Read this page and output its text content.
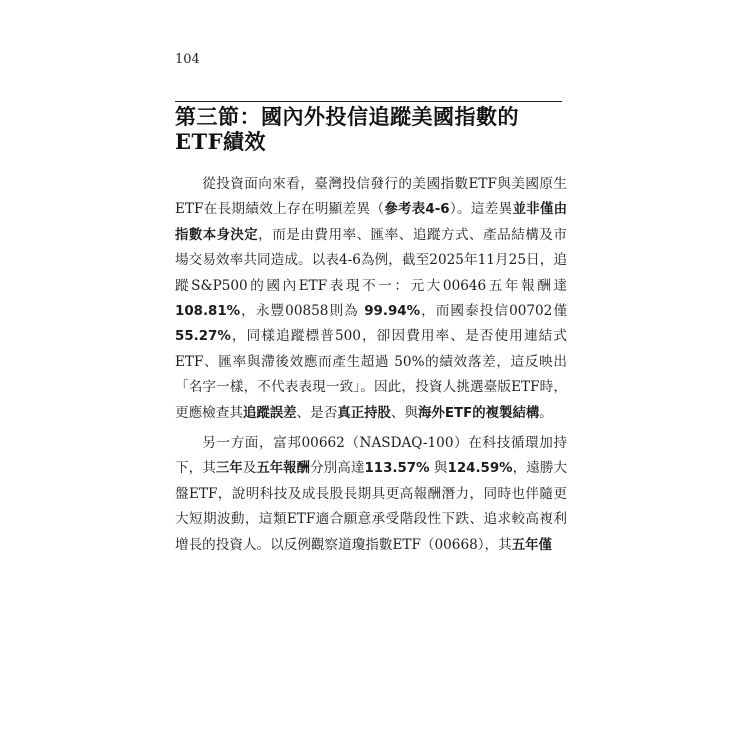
104
第三節：國內外投信追蹤美國指數的ETF績效

從投資面向來看，臺灣投信發行的美國指數ETF與美國原生ETF在長期績效上存在明顯差異（參考表4-6）。這差異並非僅由指數本身決定，而是由費用率、匯率、追蹤方式、產品結構及市場交易效率共同造成。以表4-6為例，截至2025年11月25日，追蹤S&P500的國內ETF表現不一：元大00646五年報酬達108.81%，永豐00858則為 99.94%，而國泰投信00702僅55.27%，同樣追蹤標普500，卻因費用率、是否使用連結式 ETF、匯率與滯後效應而產生超過 50%的績效落差，這反映出「名字一樣，不代表表現一致」。因此，投資人挑選臺版ETF時，更應檢查其追蹤誤差、是否真正持股、與海外ETF的複製結構。

另一方面，富邦00662（NASDAQ-100）在科技循環加持下，其三年及五年報酬分別高達113.57% 與124.59%，遠勝大盤ETF，說明科技及成長股長期具更高報酬潛力，同時也伴隨更大短期波動，這類ETF適合願意承受階段性下跌、追求較高複利增長的投資人。以反例觀察道瓊指數ETF（00668），其五年僅
